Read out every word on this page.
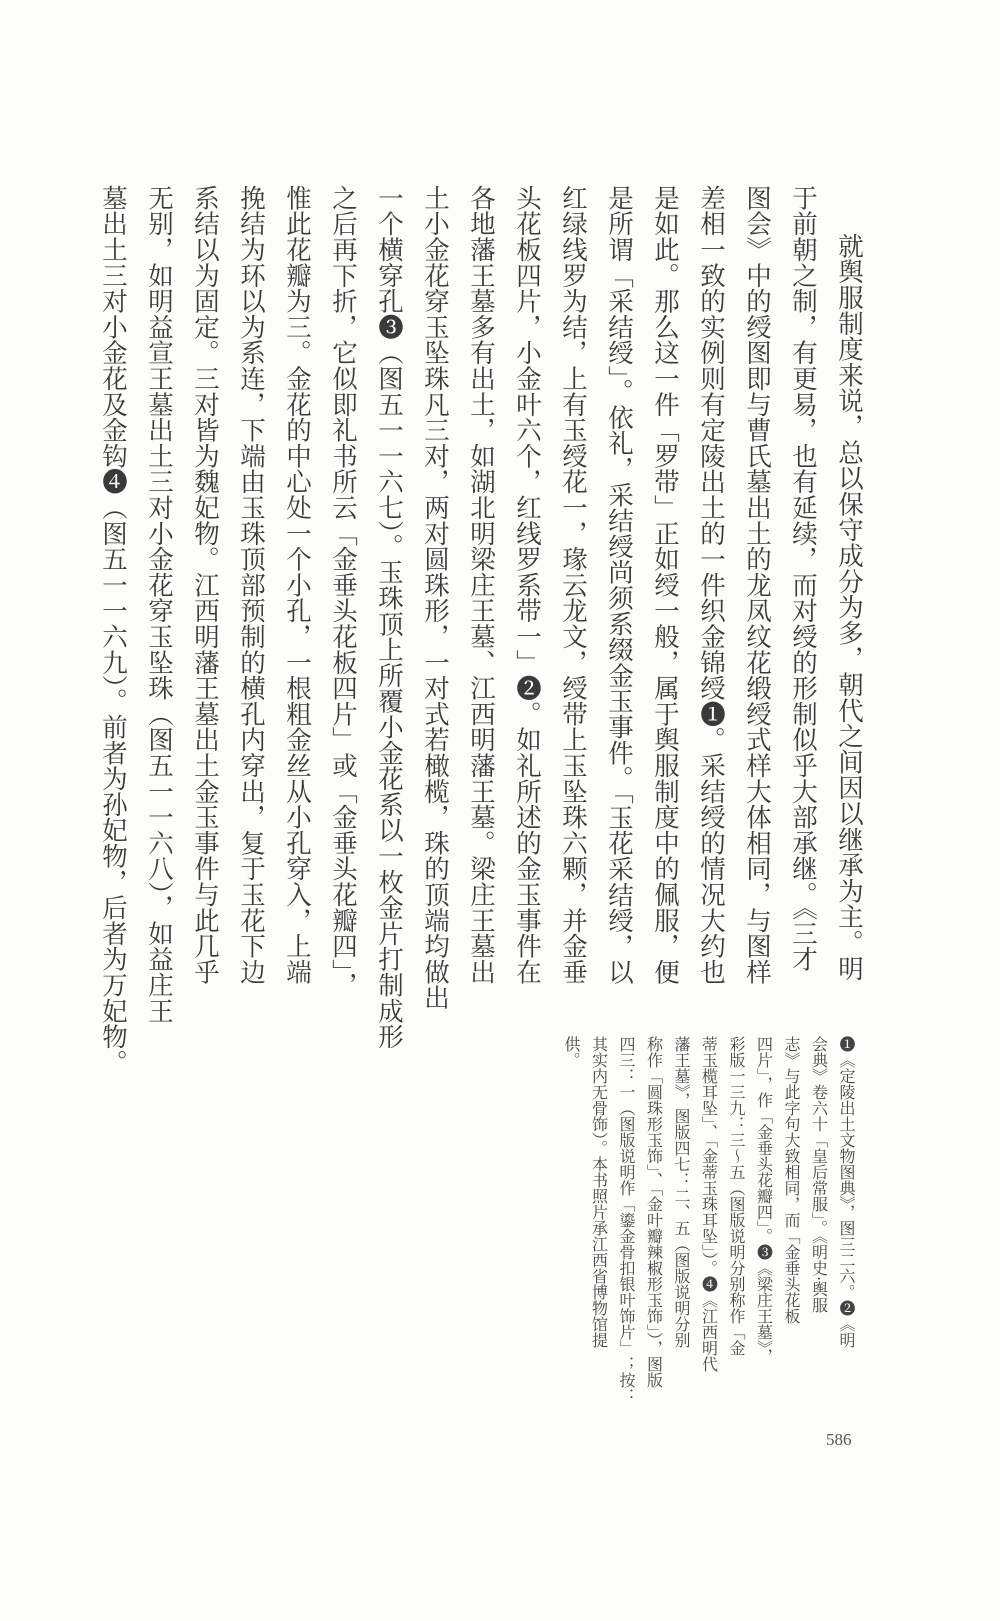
就舆服制度来说，总以保守成分为多，朝代之间因以继承为主。明
于前朝之制，有更易，也有延续，而对绶的形制似乎大部承继。《三才
图会》中的绶图即与曹氏墓出土的龙凤纹花缎绶式样大体相同，与图样
差相一致的实例则有定陵出土的一件织金锦绶❶。采结绶的情况大约也
是如此。那么这一件「罗带」正如绶一般，属于舆服制度中的佩服，便
是所谓「采结绶」。依礼，采结绶尚须系缀金玉事件。「玉花采结绶，以
红绿线罗为结，上有玉绶花一，瑑云龙文，绶带上玉坠珠六颗，并金垂
头花板四片，小金叶六个，红线罗系带一」❷。如礼所述的金玉事件在
各地藩王墓多有出土，如湖北明梁庄王墓、江西明藩王墓。梁庄王墓出
土小金花穿玉坠珠凡三对，两对圆珠形，一对式若橄榄，珠的顶端均做出
一个横穿孔❸（图五一一六七）。玉珠顶上所覆小金花系以一枚金片打制成形
之后再下折，它似即礼书所云「金垂头花板四片」或「金垂头花瓣四」，
惟此花瓣为三。金花的中心处一个小孔，一根粗金丝从小孔穿入，上端
挽结为环以为系连，下端由玉珠顶部预制的横孔内穿出，复于玉花下边
系结以为固定。三对皆为魏妃物。江西明藩王墓出土金玉事件与此几乎
无别，如明益宣王墓出土三对小金花穿玉坠珠（图五一一六八），如益庄王
墓出土三对小金花及金钩❹（图五一一六九）。前者为孙妃物，后者为万妃物。
❶《定陵出土文物图典》，图三二六。❷《明
会典》卷六十「皇后常服」。《明史·舆服
志》与此字句大致相同，而「金垂头花板
四片」，作「金垂头花瓣四」。❸《梁庄王墓》，
彩版一三九：三～五（图版说明分别称作「金
蒂玉榄耳坠」、「金蒂玉珠耳坠」）。❹《江西明代
藩王墓》，图版四七：二、五（图版说明分别
称作「圆珠形玉饰」、「金叶瓣辣椒形玉饰」），图版
四三：一（图版说明作「鎏金骨扣银叶饰片」；按：
其实内无骨饰）。本书照片承江西省博物馆提
供。
586
